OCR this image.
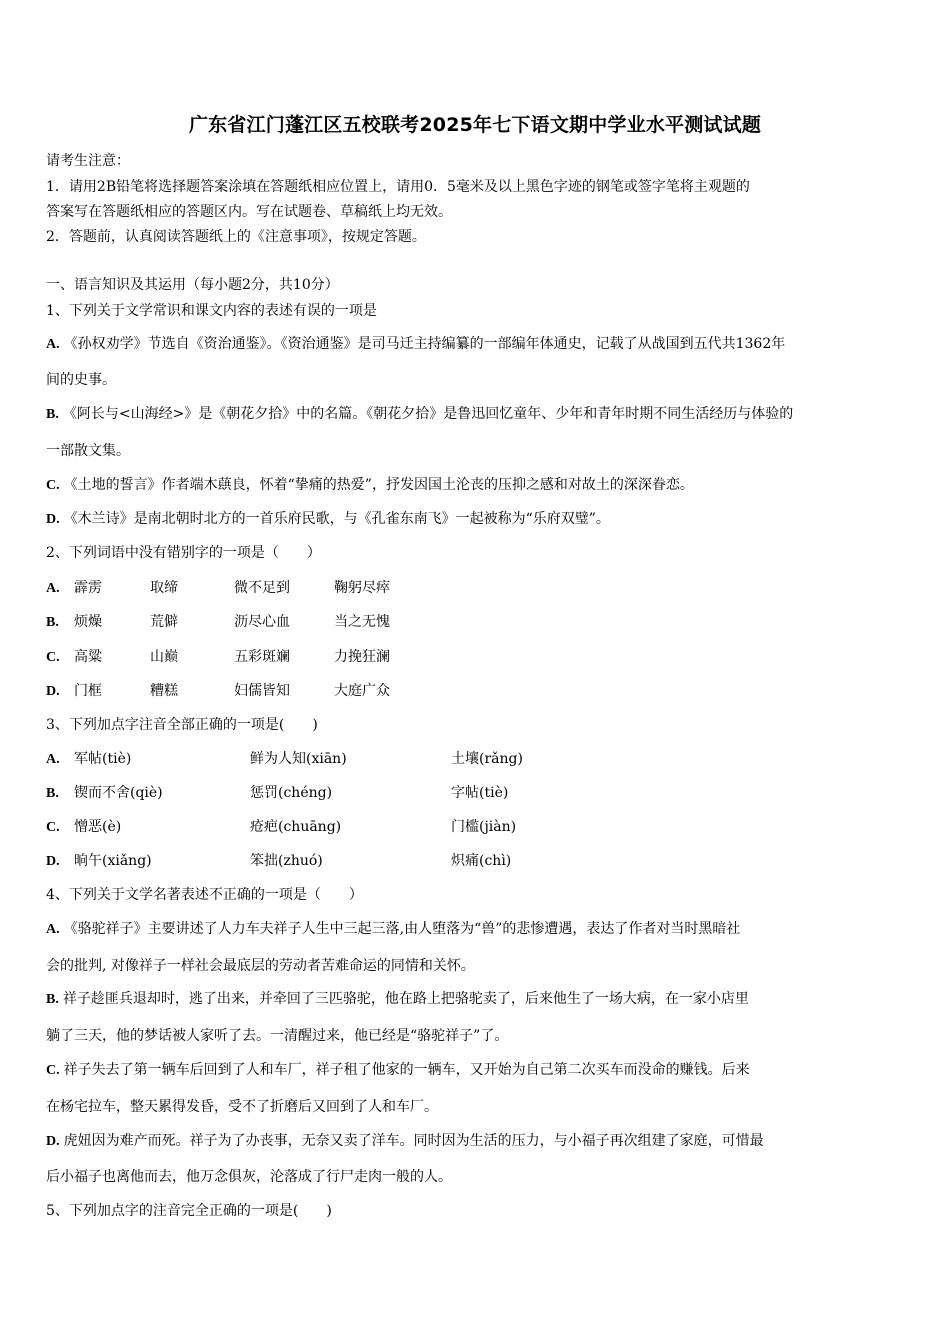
广东省江门蓬江区五校联考2025年七下语文期中学业水平测试试题
请考生注意：
1．请用2B铅笔将选择题答案涂填在答题纸相应位置上，请用0．5毫米及以上黑色字迹的钢笔或签字笔将主观题的
答案写在答题纸相应的答题区内。写在试题卷、草稿纸上均无效。
2．答题前，认真阅读答题纸上的《注意事项》，按规定答题。
一、语言知识及其运用（每小题2分，共10分）
1、下列关于文学常识和课文内容的表述有误的一项是
A. 《孙权劝学》节选自《资治通鉴》。《资治通鉴》是司马迁主持编纂的一部编年体通史，记载了从战国到五代共1362年
间的史事。
B. 《阿长与<山海经>》是《朝花夕拾》中的名篇。《朝花夕拾》是鲁迅回忆童年、少年和青年时期不同生活经历与体验的
一部散文集。
C. 《土地的誓言》作者端木蕻良，怀着“挚痛的热爱”，抒发因国土沦丧的压抑之感和对故土的深深眷恋。
D. 《木兰诗》是南北朝时北方的一首乐府民歌，与《孔雀东南飞》一起被称为“乐府双璧”。
2、下列词语中没有错别字的一项是（　　）
A. 霹雳	取缔	微不足到	鞠躬尽瘁
B. 烦燥	荒僻	沥尽心血	当之无愧
C. 高粱	山巅	五彩斑斓	力挽狂澜
D. 门框	糟糕	妇儒皆知	大庭广众
3、下列加点字注音全部正确的一项是(　　)
A. 军帖(tiè)	鲜为人知(xiān)	土壤(rǎng)
B. 锲而不舍(qiè)	惩罚(chéng)	字帖(tiè)
C. 憎恶(è)	疮疤(chuāng)	门槛(jiàn)
D. 晌午(xiǎng)	笨拙(zhuó)	炽痛(chì)
4、下列关于文学名著表述不正确的一项是（　　）
A. 《骆驼祥子》主要讲述了人力车夫祥子人生中三起三落,由人堕落为“兽”的悲惨遭遇，表达了作者对当时黑暗社
会的批判, 对像祥子一样社会最底层的劳动者苦难命运的同情和关怀。
B. 祥子趁匪兵退却时，逃了出来，并牵回了三匹骆驼，他在路上把骆驼卖了，后来他生了一场大病，在一家小店里
躺了三天，他的梦话被人家听了去。一清醒过来，他已经是“骆驼祥子”了。
C. 祥子失去了第一辆车后回到了人和车厂，祥子租了他家的一辆车，又开始为自己第二次买车而没命的赚钱。后来
在杨宅拉车，整天累得发昏，受不了折磨后又回到了人和车厂。
D. 虎妞因为难产而死。祥子为了办丧事，无奈又卖了洋车。同时因为生活的压力，与小福子再次组建了家庭，可惜最
后小福子也离他而去，他万念俱灰，沦落成了行尸走肉一般的人。
5、下列加点字的注音完全正确的一项是(　　)
